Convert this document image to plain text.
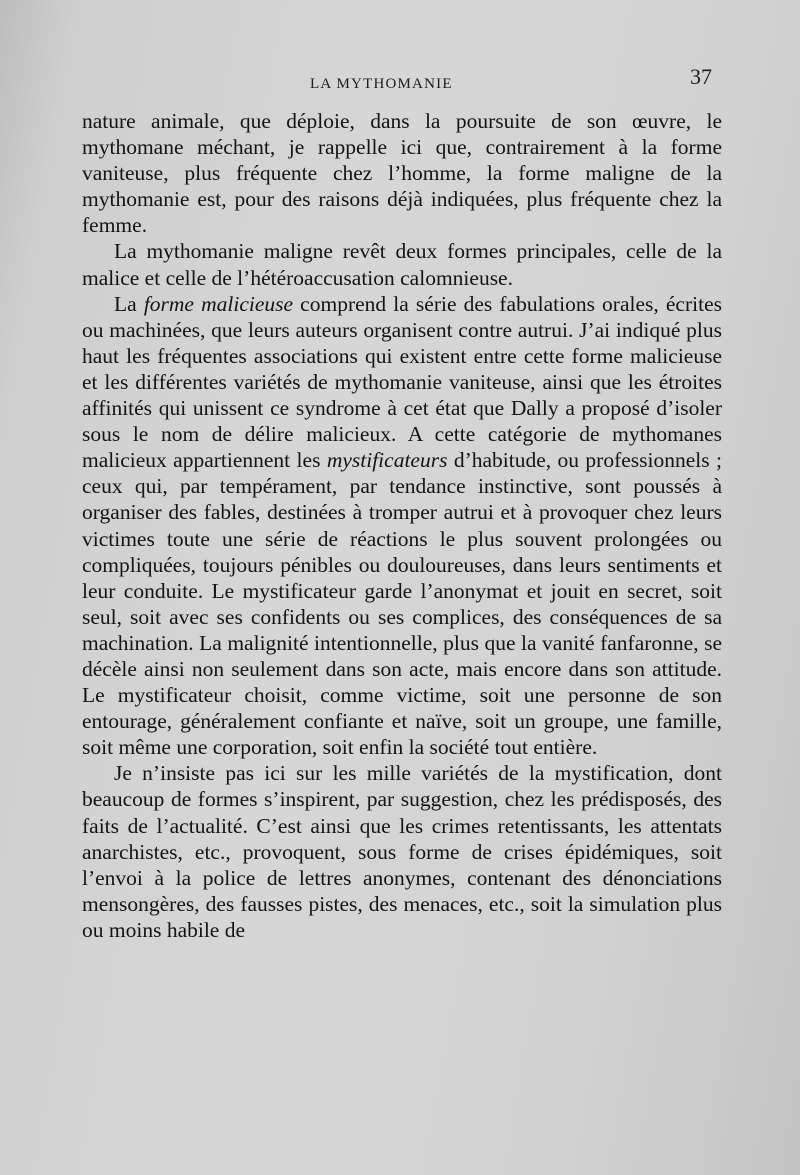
LA MYTHOMANIE	37

nature animale, que déploie, dans la poursuite de son œuvre, le mythomane méchant, je rappelle ici que, contrairement à la forme vaniteuse, plus fréquente chez l’homme, la forme maligne de la mythomanie est, pour des raisons déjà indiquées, plus fréquente chez la femme.

La mythomanie maligne revêt deux formes principales, celle de la malice et celle de l’hétéroaccusation calomnieuse.

La forme malicieuse comprend la série des fabulations orales, écrites ou machinées, que leurs auteurs organisent contre autrui. J’ai indiqué plus haut les fréquentes associations qui existent entre cette forme malicieuse et les différentes variétés de mythomanie vaniteuse, ainsi que les étroites affinités qui unissent ce syndrome à cet état que Dally a proposé d’isoler sous le nom de délire malicieux. A cette catégorie de mythomanes malicieux appartiennent les mystificateurs d’habitude, ou professionnels ; ceux qui, par tempérament, par tendance instinctive, sont poussés à organiser des fables, destinées à tromper autrui et à provoquer chez leurs victimes toute une série de réactions le plus souvent prolongées ou compliquées, toujours pénibles ou douloureuses, dans leurs sentiments et leur conduite. Le mystificateur garde l’anonymat et jouit en secret, soit seul, soit avec ses confidents ou ses complices, des conséquences de sa machination. La malignité intentionnelle, plus que la vanité fanfaronne, se décèle ainsi non seulement dans son acte, mais encore dans son attitude. Le mystificateur choisit, comme victime, soit une personne de son entourage, généralement confiante et naïve, soit un groupe, une famille, soit même une corporation, soit enfin la société tout entière.

Je n’insiste pas ici sur les mille variétés de la mystification, dont beaucoup de formes s’inspirent, par suggestion, chez les prédisposés, des faits de l’actualité. C’est ainsi que les crimes retentissants, les attentats anarchistes, etc., provoquent, sous forme de crises épidémiques, soit l’envoi à la police de lettres anonymes, contenant des dénonciations mensongères, des fausses pistes, des menaces, etc., soit la simulation plus ou moins habile de
